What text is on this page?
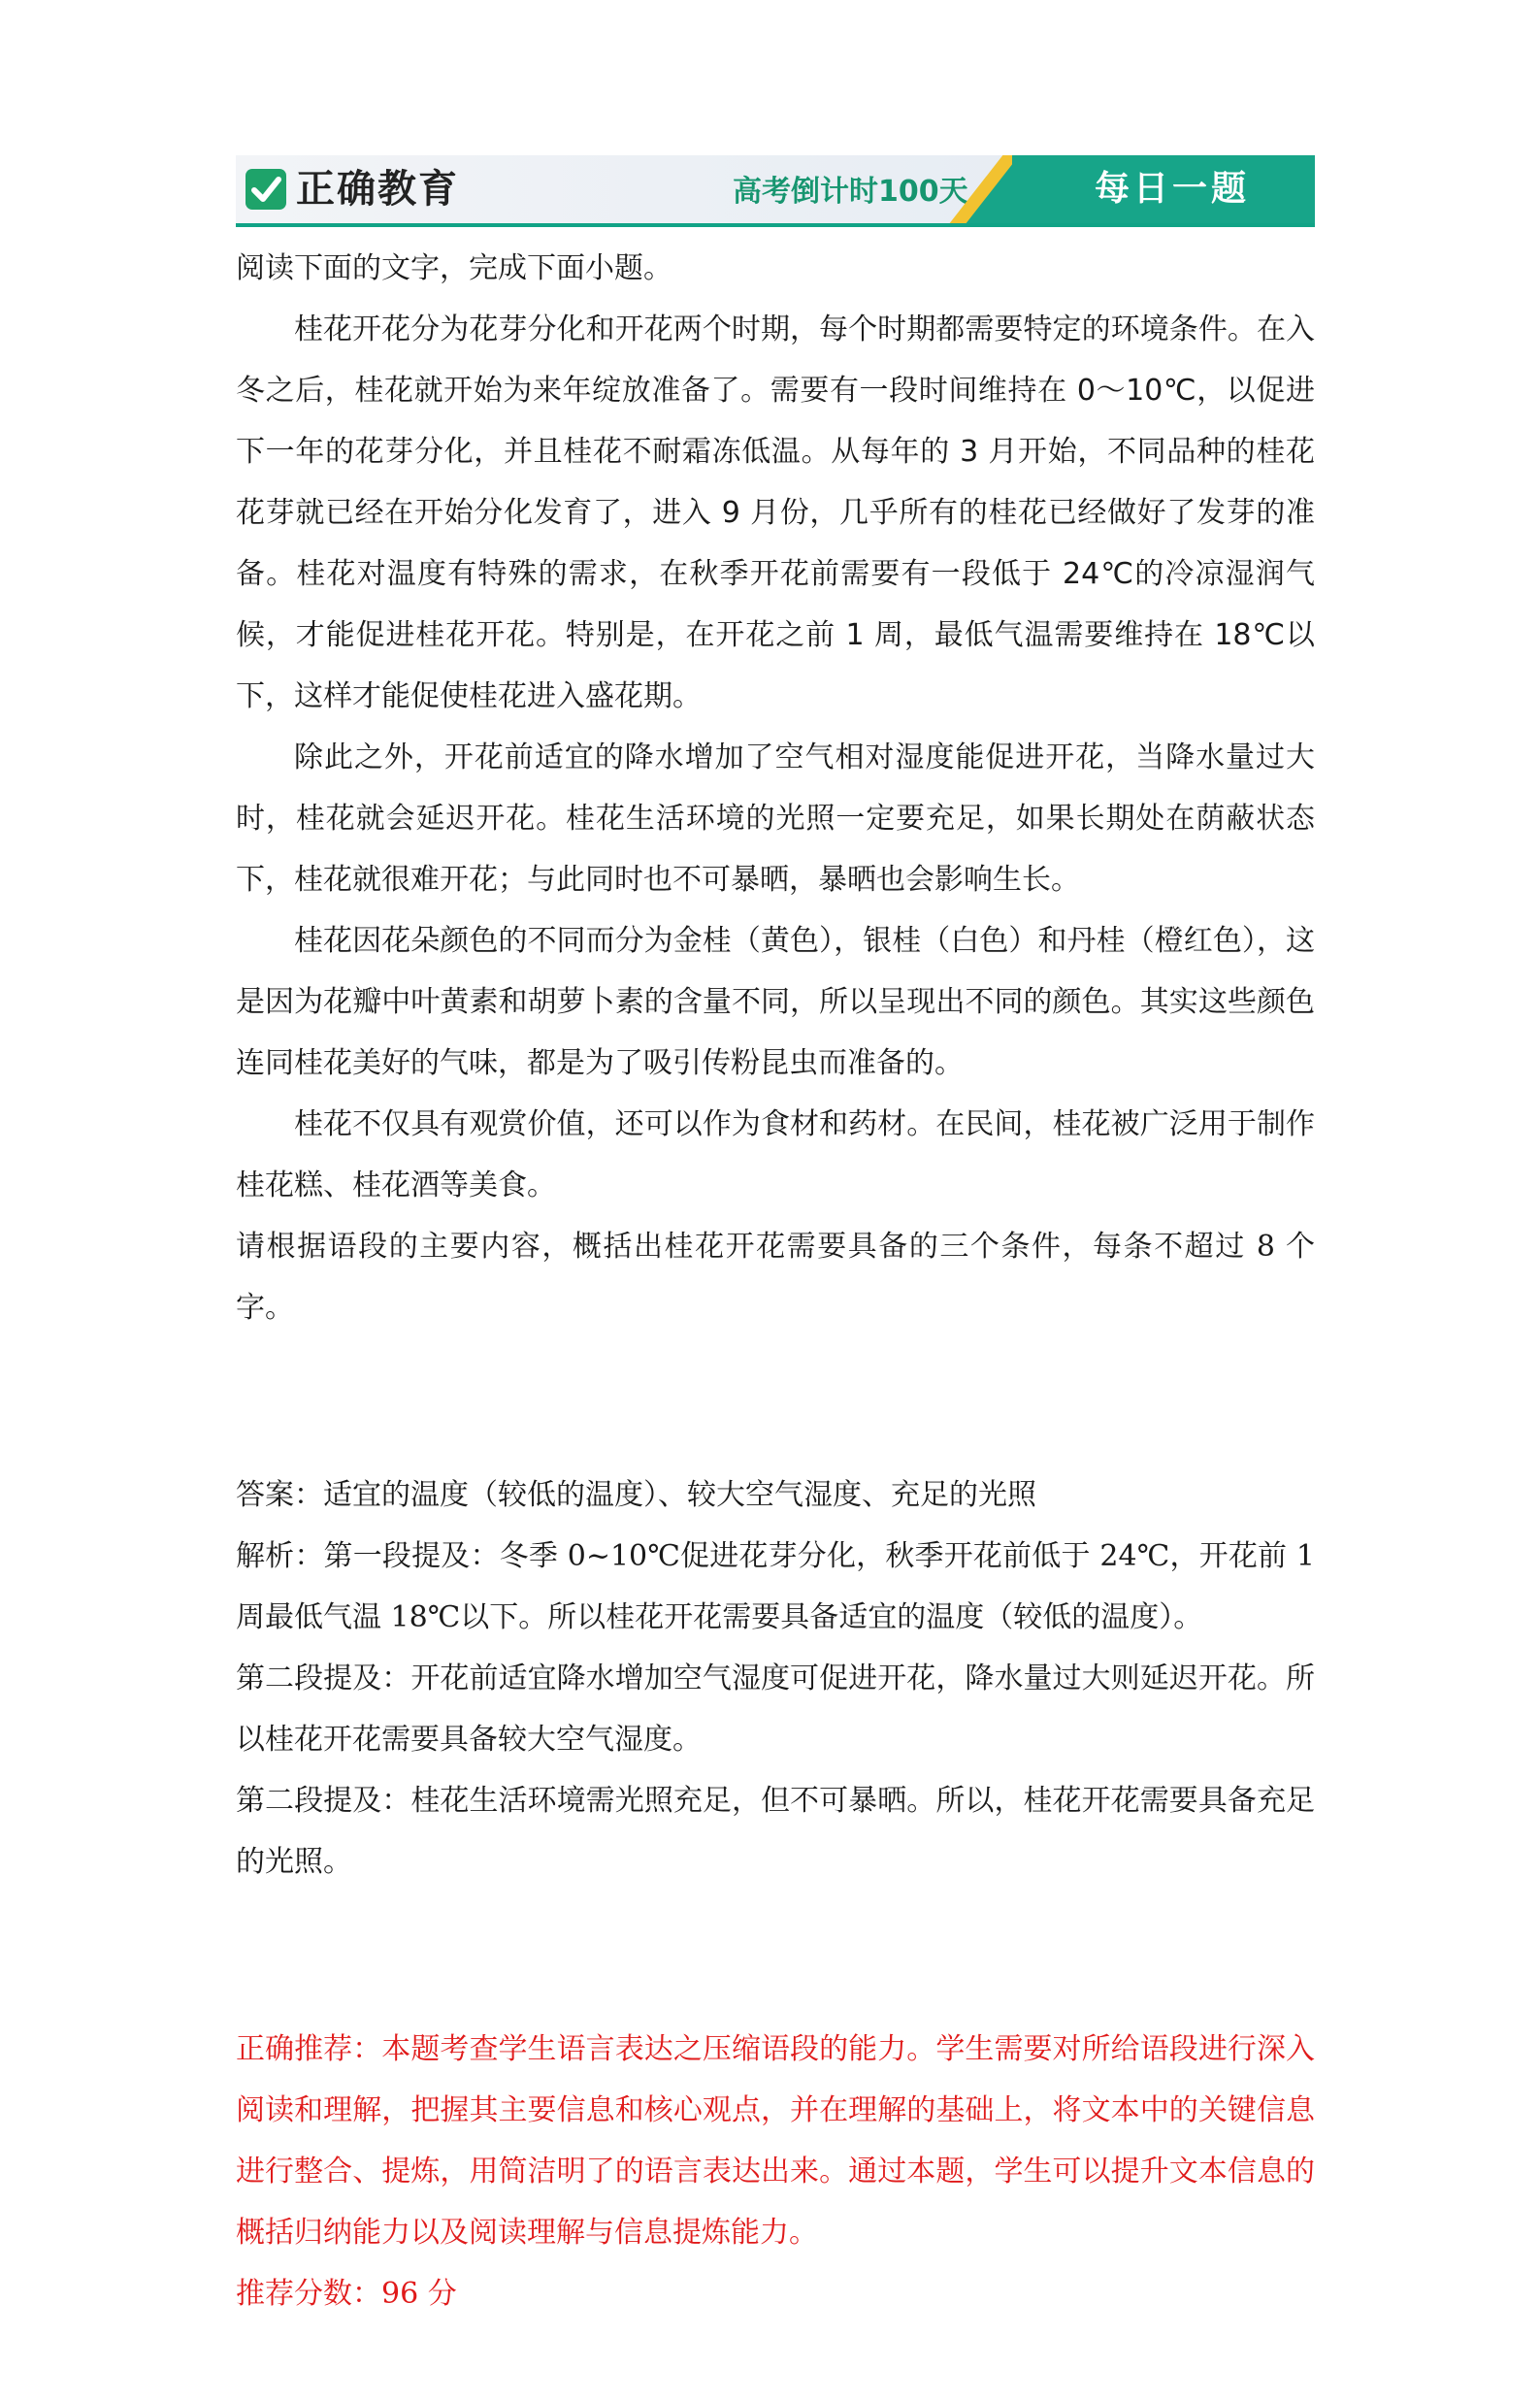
正确教育	高考倒计时100天	每日一题

阅读下面的文字，完成下面小题。

桂花开花分为花芽分化和开花两个时期，每个时期都需要特定的环境条件。在入冬之后，桂花就开始为来年绽放准备了。需要有一段时间维持在 0～10℃，以促进下一年的花芽分化，并且桂花不耐霜冻低温。从每年的 3 月开始，不同品种的桂花花芽就已经在开始分化发育了，进入 9 月份，几乎所有的桂花已经做好了发芽的准备。桂花对温度有特殊的需求，在秋季开花前需要有一段低于 24℃的冷凉湿润气候，才能促进桂花开花。特别是，在开花之前 1 周，最低气温需要维持在 18℃以下，这样才能促使桂花进入盛花期。

除此之外，开花前适宜的降水增加了空气相对湿度能促进开花，当降水量过大时，桂花就会延迟开花。桂花生活环境的光照一定要充足，如果长期处在荫蔽状态下，桂花就很难开花；与此同时也不可暴晒，暴晒也会影响生长。

桂花因花朵颜色的不同而分为金桂（黄色），银桂（白色）和丹桂（橙红色），这是因为花瓣中叶黄素和胡萝卜素的含量不同，所以呈现出不同的颜色。其实这些颜色连同桂花美好的气味，都是为了吸引传粉昆虫而准备的。

桂花不仅具有观赏价值，还可以作为食材和药材。在民间，桂花被广泛用于制作桂花糕、桂花酒等美食。

请根据语段的主要内容，概括出桂花开花需要具备的三个条件，每条不超过 8 个字。

答案：适宜的温度（较低的温度）、较大空气湿度、充足的光照

解析：第一段提及：冬季 0~10℃促进花芽分化，秋季开花前低于 24℃，开花前 1 周最低气温 18℃以下。所以桂花开花需要具备适宜的温度（较低的温度）。

第二段提及：开花前适宜降水增加空气湿度可促进开花，降水量过大则延迟开花。所以桂花开花需要具备较大空气湿度。

第二段提及：桂花生活环境需光照充足，但不可暴晒。所以，桂花开花需要具备充足的光照。

正确推荐：本题考查学生语言表达之压缩语段的能力。学生需要对所给语段进行深入阅读和理解，把握其主要信息和核心观点，并在理解的基础上，将文本中的关键信息进行整合、提炼，用简洁明了的语言表达出来。通过本题，学生可以提升文本信息的概括归纳能力以及阅读理解与信息提炼能力。

推荐分数：96 分
